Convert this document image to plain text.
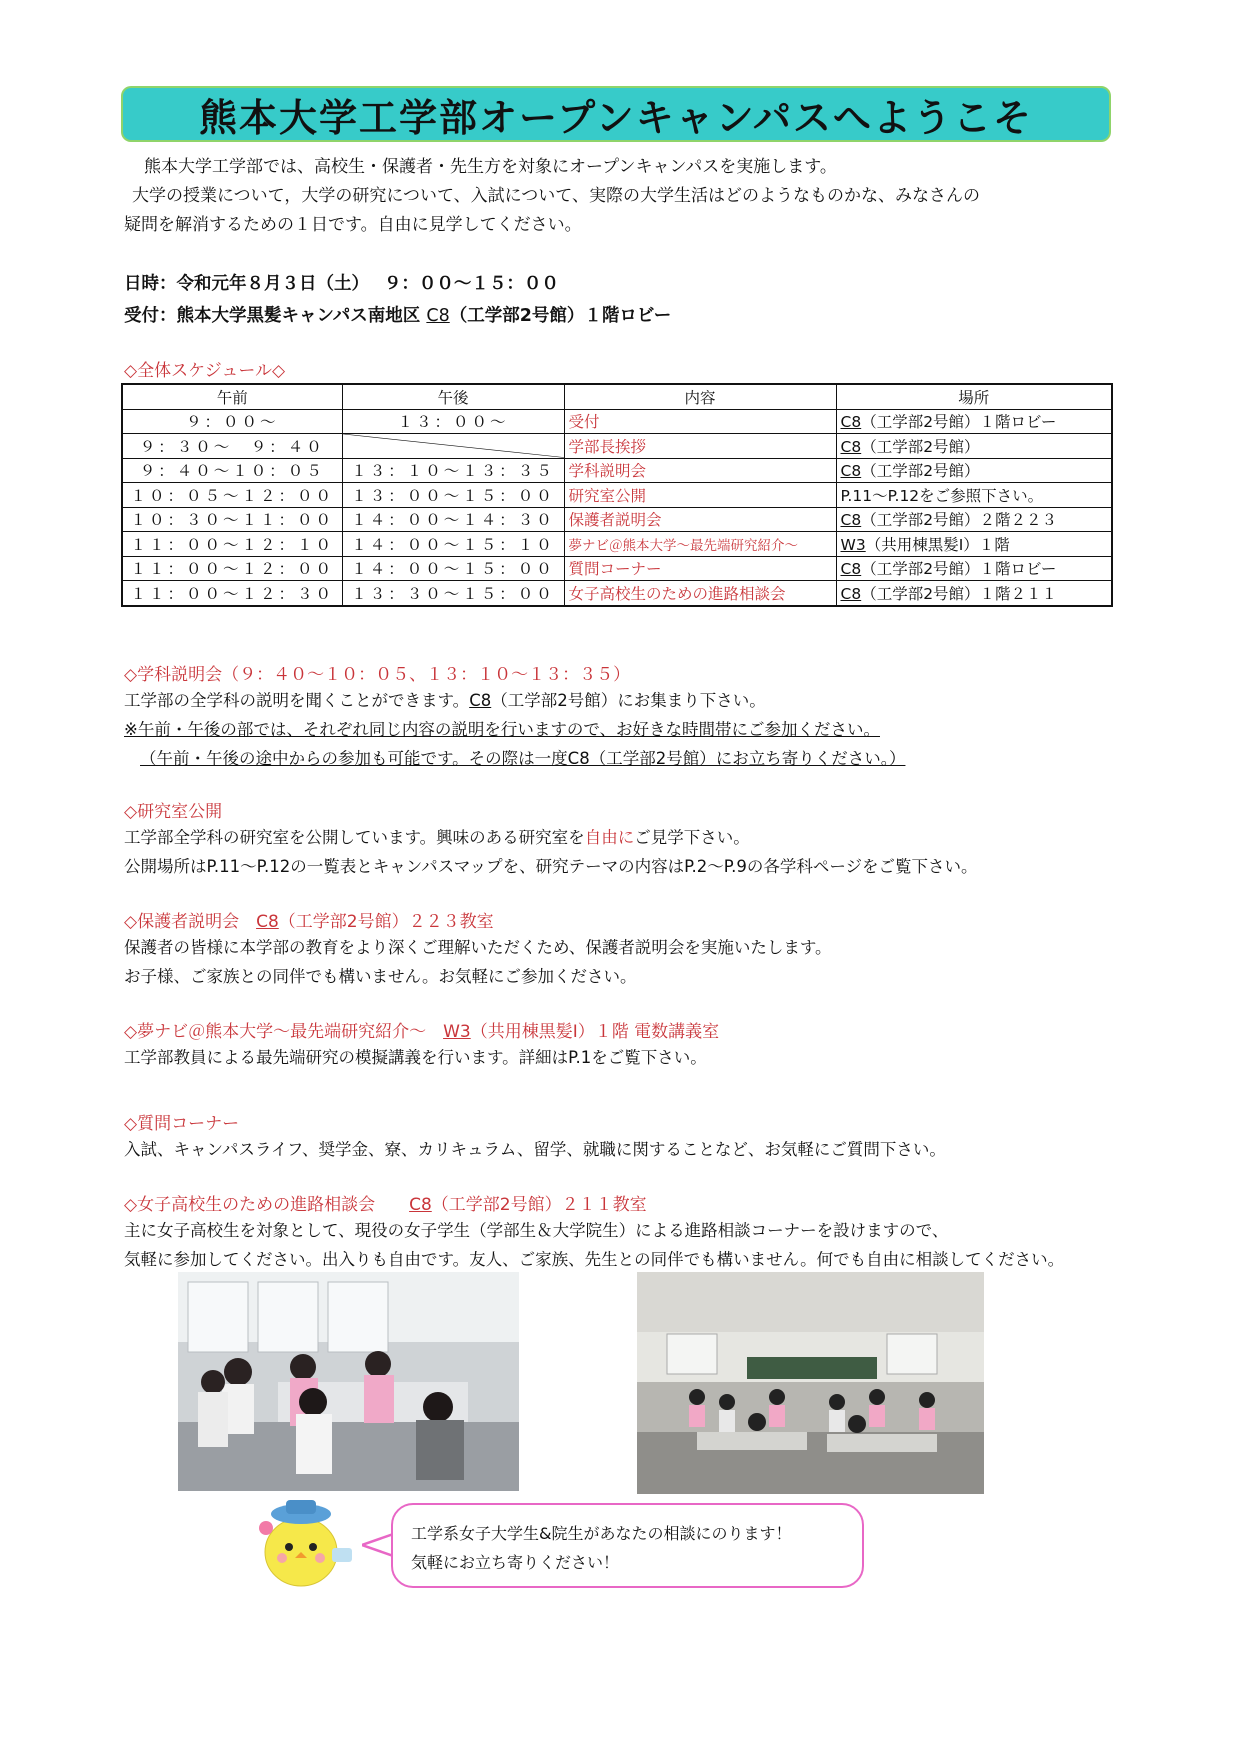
熊本大学工学部オープンキャンパスへようこそ
熊本大学工学部では、高校生・保護者・先生方を対象にオープンキャンパスを実施します。
大学の授業について，大学の研究について、入試について、実際の大学生活はどのようなものかな、みなさんの
疑問を解消するための１日です。自由に見学してください。
日時：令和元年８月３日（土）　 ９：００〜１５：００
受付：熊本大学黒髪キャンパス南地区 C8（工学部2号館）１階ロビー
◇全体スケジュール◇
午前	午後	内容	場所
９：００〜	１３：００〜	受付	C8（工学部2号館）１階ロビー
９：３０〜　９：４０		学部長挨拶	C8（工学部2号館）
９：４０〜１０：０５	１３：１０〜１３：３５	学科説明会	C8（工学部2号館）
１０：０５〜１２：００	１３：００〜１５：００	研究室公開	P.11〜P.12をご参照下さい。
１０：３０〜１１：００	１４：００〜１４：３０	保護者説明会	C8（工学部2号館）２階２２３
１１：００〜１２：１０	１４：００〜１５：１０	夢ナビ＠熊本大学〜最先端研究紹介〜	W3（共用棟黒髪Ⅰ）１階
１１：００〜１２：００	１４：００〜１５：００	質問コーナー	C8（工学部2号館）１階ロビー
１１：００〜１２：３０	１３：３０〜１５：００	女子高校生のための進路相談会	C8（工学部2号館）１階２１１
◇学科説明会（９：４０〜１０：０５、１３：１０〜１３：３５）
工学部の全学科の説明を聞くことができます。C8（工学部2号館）にお集まり下さい。
※午前・午後の部では、それぞれ同じ内容の説明を行いますので、お好きな時間帯にご参加ください。
（午前・午後の途中からの参加も可能です。その際は一度C8（工学部2号館）にお立ち寄りください。）
◇研究室公開
工学部全学科の研究室を公開しています。興味のある研究室を自由にご見学下さい。
公開場所はP.11〜P.12の一覧表とキャンパスマップを、研究テーマの内容はP.2〜P.9の各学科ページをご覧下さい。
◇保護者説明会　C8（工学部2号館）２２３教室
保護者の皆様に本学部の教育をより深くご理解いただくため、保護者説明会を実施いたします。
お子様、ご家族との同伴でも構いません。お気軽にご参加ください。
◇夢ナビ＠熊本大学〜最先端研究紹介〜　W3（共用棟黒髪Ⅰ）１階 電数講義室
工学部教員による最先端研究の模擬講義を行います。詳細はP.1をご覧下さい。
◇質問コーナー
入試、キャンパスライフ、奨学金、寮、カリキュラム、留学、就職に関することなど、お気軽にご質問下さい。
◇女子高校生のための進路相談会　　C8（工学部2号館）２１１教室
主に女子高校生を対象として、現役の女子学生（学部生＆大学院生）による進路相談コーナーを設けますので、
気軽に参加してください。出入りも自由です。友人、ご家族、先生との同伴でも構いません。何でも自由に相談してください。
工学系女子大学生&院生があなたの相談にのります！
気軽にお立ち寄りください！
